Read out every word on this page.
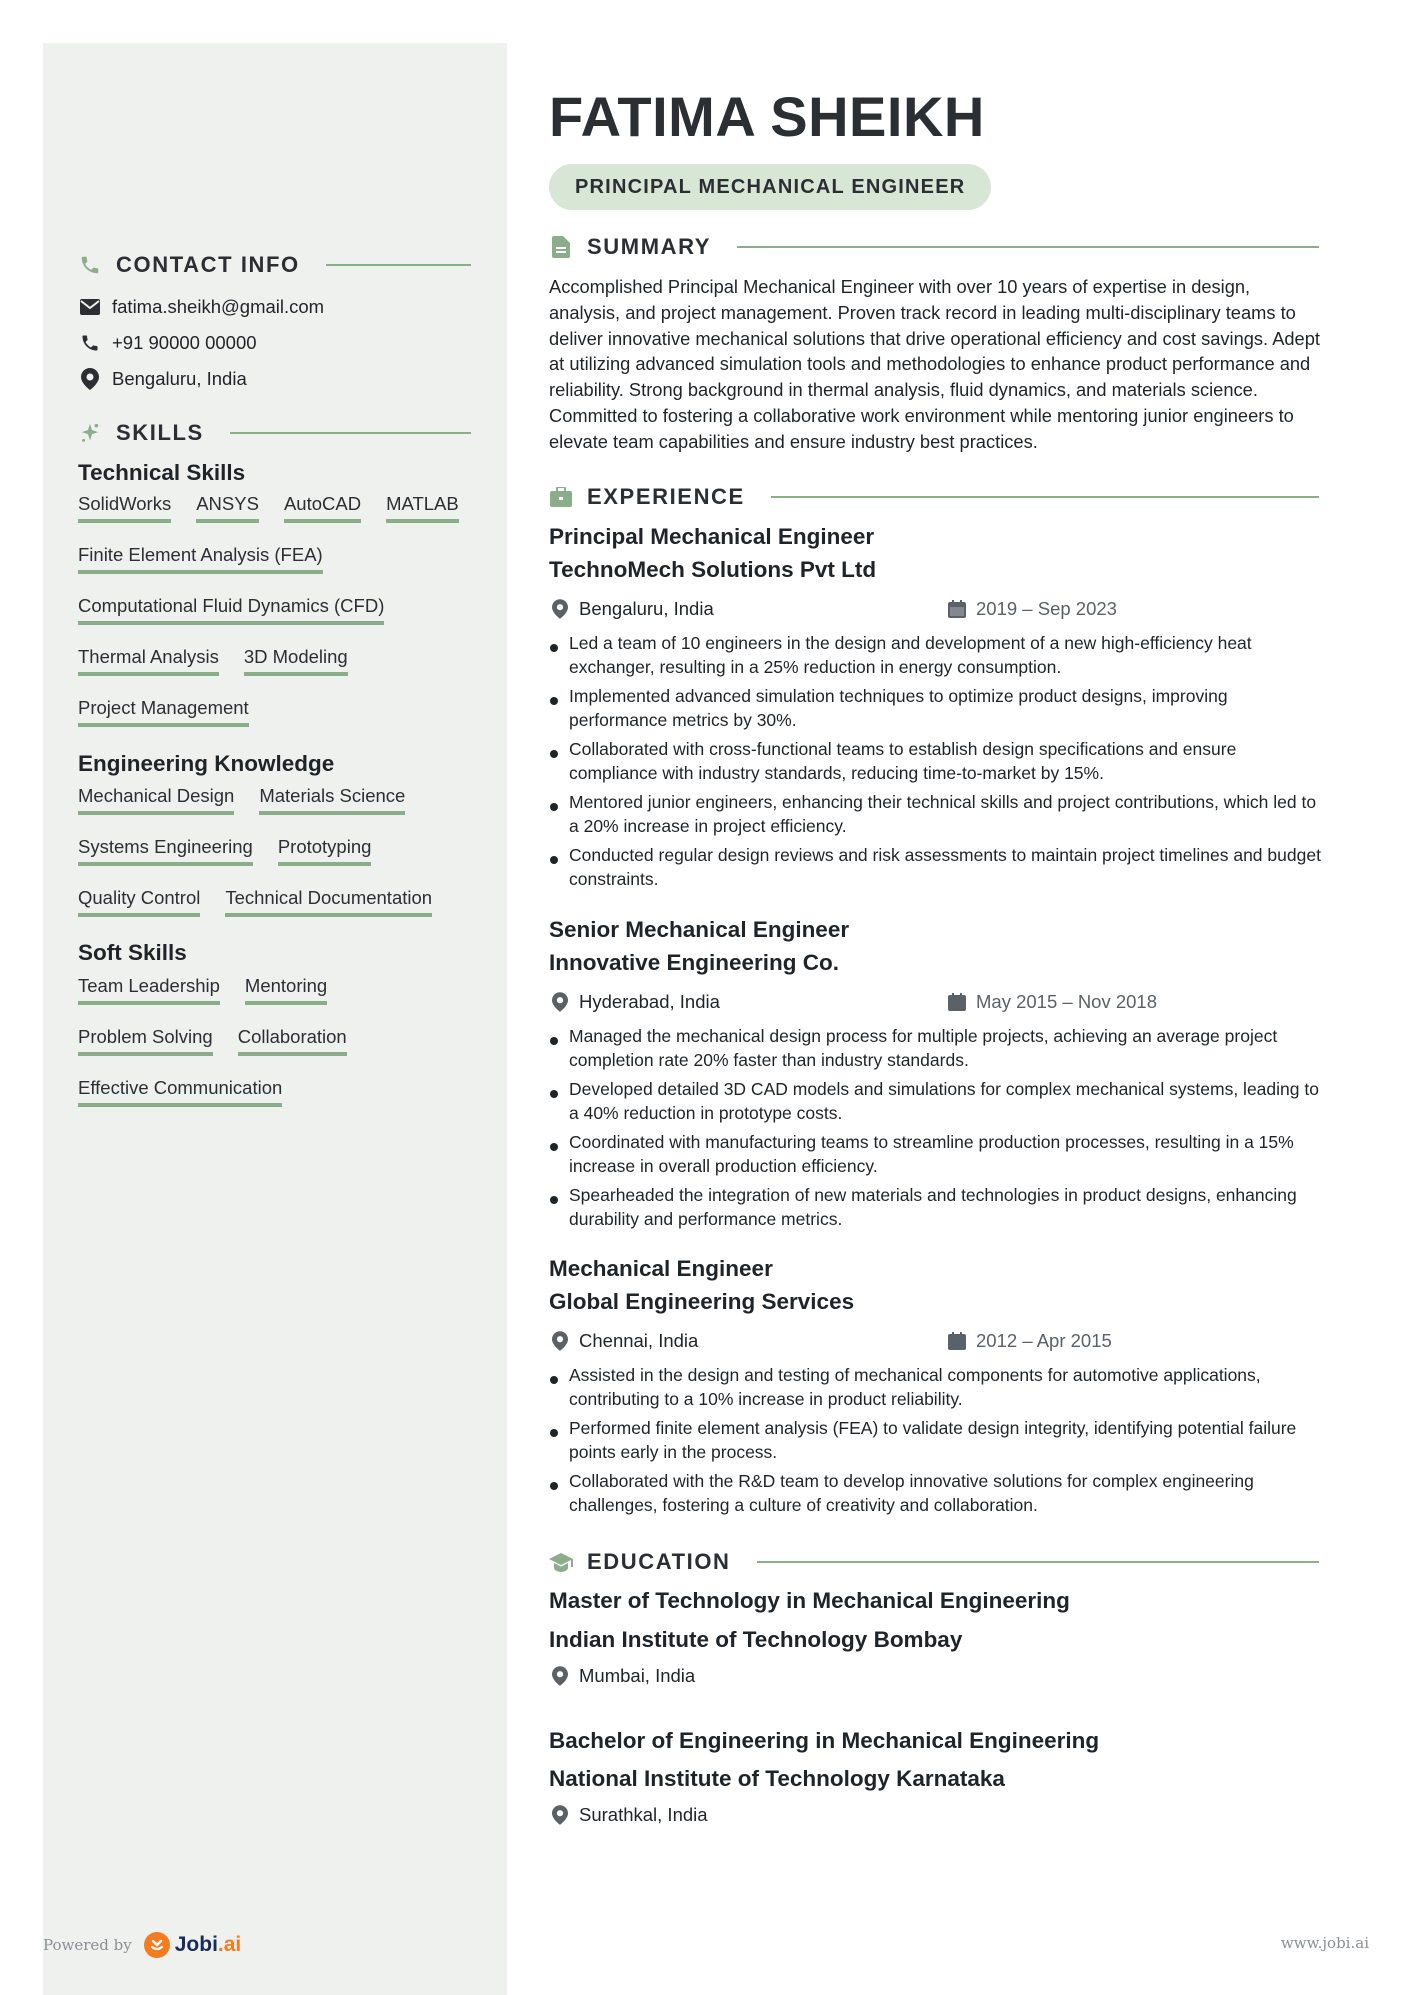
CONTACT INFO
fatima.sheikh@gmail.com
+91 90000 00000
Bengaluru, India
SKILLS
Technical Skills
SolidWorks ANSYS AutoCAD MATLAB
Finite Element Analysis (FEA)
Computational Fluid Dynamics (CFD)
Thermal Analysis 3D Modeling
Project Management
Engineering Knowledge
Mechanical Design Materials Science
Systems Engineering Prototyping
Quality Control Technical Documentation
Soft Skills
Team Leadership Mentoring
Problem Solving Collaboration
Effective Communication
FATIMA SHEIKH
PRINCIPAL MECHANICAL ENGINEER
SUMMARY
Accomplished Principal Mechanical Engineer with over 10 years of expertise in design, analysis, and project management. Proven track record in leading multi-disciplinary teams to deliver innovative mechanical solutions that drive operational efficiency and cost savings. Adept at utilizing advanced simulation tools and methodologies to enhance product performance and reliability. Strong background in thermal analysis, fluid dynamics, and materials science. Committed to fostering a collaborative work environment while mentoring junior engineers to elevate team capabilities and ensure industry best practices.
EXPERIENCE
Principal Mechanical Engineer
TechnoMech Solutions Pvt Ltd
Bengaluru, India	2019 – Sep 2023
Led a team of 10 engineers in the design and development of a new high-efficiency heat exchanger, resulting in a 25% reduction in energy consumption.
Implemented advanced simulation techniques to optimize product designs, improving performance metrics by 30%.
Collaborated with cross-functional teams to establish design specifications and ensure compliance with industry standards, reducing time-to-market by 15%.
Mentored junior engineers, enhancing their technical skills and project contributions, which led to a 20% increase in project efficiency.
Conducted regular design reviews and risk assessments to maintain project timelines and budget constraints.
Senior Mechanical Engineer
Innovative Engineering Co.
Hyderabad, India	May 2015 – Nov 2018
Managed the mechanical design process for multiple projects, achieving an average project completion rate 20% faster than industry standards.
Developed detailed 3D CAD models and simulations for complex mechanical systems, leading to a 40% reduction in prototype costs.
Coordinated with manufacturing teams to streamline production processes, resulting in a 15% increase in overall production efficiency.
Spearheaded the integration of new materials and technologies in product designs, enhancing durability and performance metrics.
Mechanical Engineer
Global Engineering Services
Chennai, India	2012 – Apr 2015
Assisted in the design and testing of mechanical components for automotive applications, contributing to a 10% increase in product reliability.
Performed finite element analysis (FEA) to validate design integrity, identifying potential failure points early in the process.
Collaborated with the R&D team to develop innovative solutions for complex engineering challenges, fostering a culture of creativity and collaboration.
EDUCATION
Master of Technology in Mechanical Engineering
Indian Institute of Technology Bombay
Mumbai, India
Bachelor of Engineering in Mechanical Engineering
National Institute of Technology Karnataka
Surathkal, India
Powered by Jobi.ai	www.jobi.ai
